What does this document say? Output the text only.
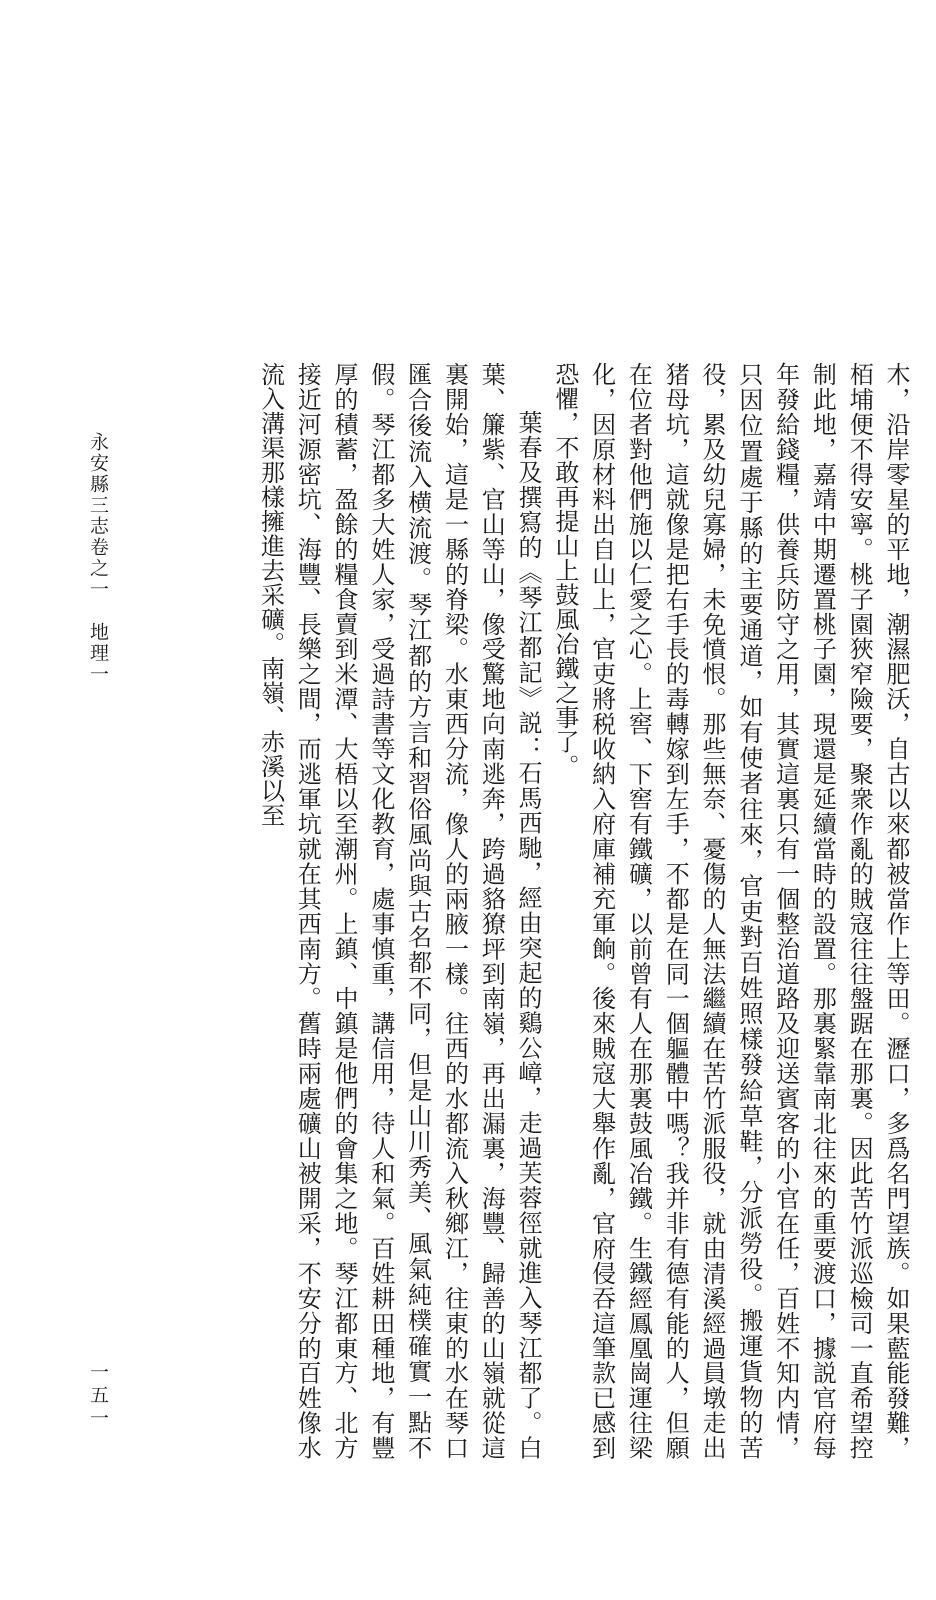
永安縣三志卷之一地理一
一五一	木，沿岸零星的平地，潮濕肥沃，自古以來都被當作上等田。瀝口，多爲名門望族。如果藍能發難，栢埔便不得安寧。桃子園狹窄險要，聚衆作亂的賊寇往往盤踞在那裏。因此苦竹派巡檢司一直希望控制此地，嘉靖中期遷置桃子園，現還是延續當時的設置。那裏緊靠南北往來的重要渡口，據説官府每年發給錢糧，供養兵防守之用，其實這裏只有一個整治道路及迎送賓客的小官在任，百姓不知内情，只因位置處于縣的主要通道，如有使者往來，官吏對百姓照樣發給草鞋，分派勞役。搬運貨物的苦役，累及幼兒寡婦，未免憤恨。那些無奈、憂傷的人無法繼續在苦竹派服役，就由清溪經過員墩走出猪母坑，這就像是把右手長的毒轉嫁到左手，不都是在同一個軀體中嗎？我并非有德有能的人，但願在位者對他們施以仁愛之心。上窖、下窖有鐵礦，以前曾有人在那裏鼓風冶鐵。生鐵經鳳凰崗運往梁化，因原材料出自山上，官吏將税收納入府庫補充軍餉。後來賊寇大舉作亂，官府侵吞這筆款已感到恐懼，不敢再提山上鼓風冶鐵之事了。

葉春及撰寫的《琴江都記》説：石馬西馳，經由突起的鷄公嶂，走過芙蓉徑就進入琴江都了。白葉、簾紫、官山等山，像受驚地向南逃奔，跨過貉獠坪到南嶺，再出漏裏，海豐、歸善的山嶺就從這裏開始，這是一縣的脊梁。水東西分流，像人的兩腋一樣。往西的水都流入秋鄉江，往東的水在琴口匯合後流入横流渡。琴江都的方言和習俗風尚與古名都不同，但是山川秀美、風氣純樸確實一點不假。琴江都多大姓人家，受過詩書等文化教育，處事慎重，講信用，待人和氣。百姓耕田種地，有豐厚的積蓄，盈餘的糧食賣到米潭、大梧以至潮州。上鎮、中鎮是他們的會集之地。琴江都東方、北方接近河源密坑、海豐、長樂之間，而逃軍坑就在其西南方。舊時兩處礦山被開采，不安分的百姓像水流入溝渠那樣擁進去采礦。南嶺、赤溪以至
